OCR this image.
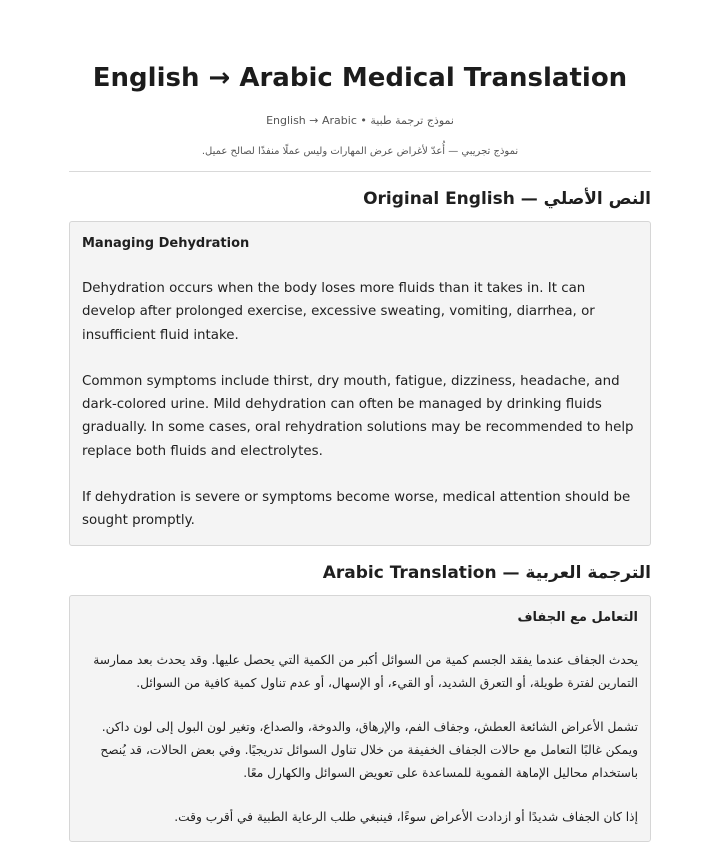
English → Arabic Medical Translation
نموذج ترجمة طبية • English → Arabic
نموذج تجريبي — أُعدّ لأغراض عرض المهارات وليس عملًا منفذًا لصالح عميل.
النص الأصلي — Original English
Managing Dehydration

Dehydration occurs when the body loses more fluids than it takes in. It can develop after prolonged exercise, excessive sweating, vomiting, diarrhea, or insufficient fluid intake.

Common symptoms include thirst, dry mouth, fatigue, dizziness, headache, and dark-colored urine. Mild dehydration can often be managed by drinking fluids gradually. In some cases, oral rehydration solutions may be recommended to help replace both fluids and electrolytes.

If dehydration is severe or symptoms become worse, medical attention should be sought promptly.

الترجمة العربية — Arabic Translation
التعامل مع الجفاف

يحدث الجفاف عندما يفقد الجسم كمية من السوائل أكبر من الكمية التي يحصل عليها. وقد يحدث بعد ممارسة التمارين لفترة طويلة، أو التعرق الشديد، أو القيء، أو الإسهال، أو عدم تناول كمية كافية من السوائل.

تشمل الأعراض الشائعة العطش، وجفاف الفم، والإرهاق، والدوخة، والصداع، وتغير لون البول إلى لون داكن. ويمكن غالبًا التعامل مع حالات الجفاف الخفيفة من خلال تناول السوائل تدريجيًا. وفي بعض الحالات، قد يُنصح باستخدام محاليل الإماهة الفموية للمساعدة على تعويض السوائل والكهارل معًا.

إذا كان الجفاف شديدًا أو ازدادت الأعراض سوءًا، فينبغي طلب الرعاية الطبية في أقرب وقت.
